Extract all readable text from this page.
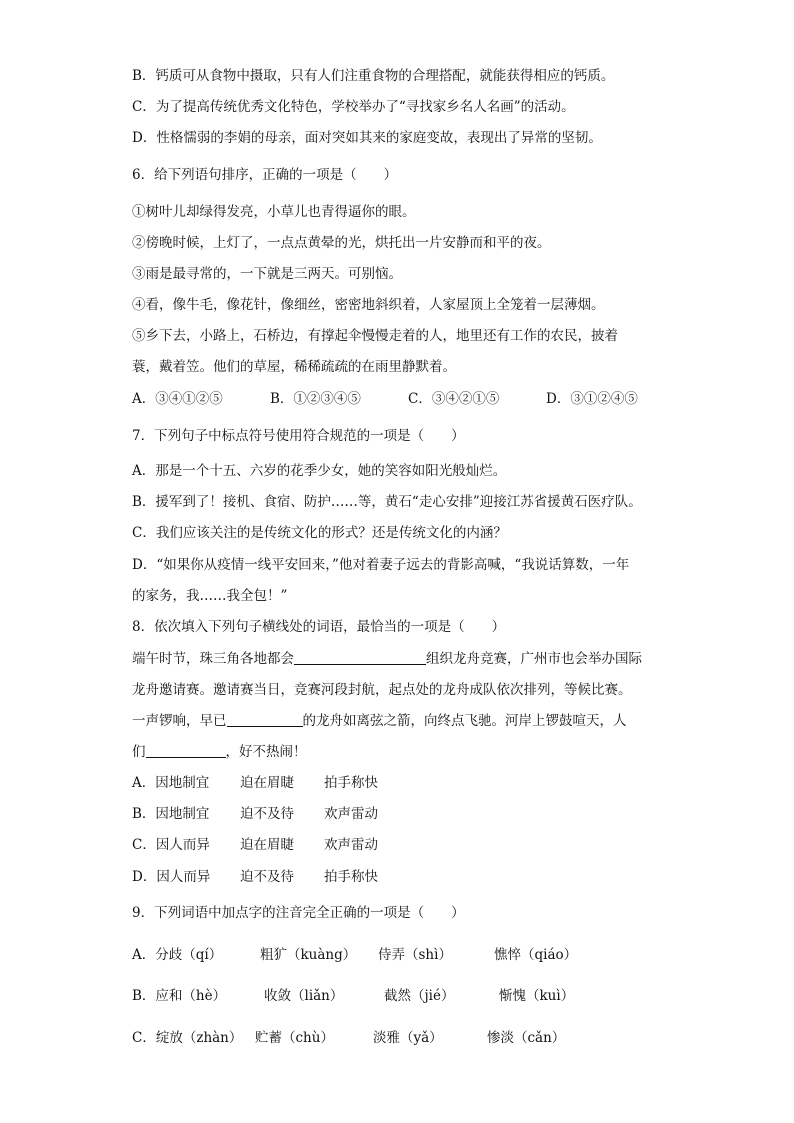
B．钙质可从食物中摄取，只有人们注重食物的合理搭配，就能获得相应的钙质。
C．为了提高传统优秀文化特色，学校举办了“寻找家乡名人名画”的活动。
D．性格懦弱的李娟的母亲，面对突如其来的家庭变故，表现出了异常的坚韧。
6．给下列语句排序，正确的一项是（　　）
①树叶儿却绿得发亮，小草儿也青得逼你的眼。
②傍晚时候，上灯了，一点点黄晕的光，烘托出一片安静而和平的夜。
③雨是最寻常的，一下就是三两天。可别恼。
④看，像牛毛，像花针，像细丝，密密地斜织着，人家屋顶上全笼着一层薄烟。
⑤乡下去，小路上，石桥边，有撑起伞慢慢走着的人，地里还有工作的农民，披着
蓑，戴着笠。他们的草屋，稀稀疏疏的在雨里静默着。
A．③④①②⑤	B．①②③④⑤	C．③④②①⑤	D．③①②④⑤
7．下列句子中标点符号使用符合规范的一项是（　　）
A．那是一个十五、六岁的花季少女，她的笑容如阳光般灿烂。
B．援军到了！接机、食宿、防护……等，黄石“走心安排”迎接江苏省援黄石医疗队。
C．我们应该关注的是传统文化的形式？还是传统文化的内涵？
D．“如果你从疫情一线平安回来，”他对着妻子远去的背影高喊，“我说话算数，一年
的家务，我……我全包！”
8．依次填入下列句子横线处的词语，最恰当的一项是（　　）
端午时节，珠三角各地都会	组织龙舟竞赛，广州市也会举办国际
龙舟邀请赛。邀请赛当日，竞赛河段封航，起点处的龙舟成队依次排列，等候比赛。
一声锣响，早已	的龙舟如离弦之箭，向终点飞驰。河岸上锣鼓喧天，人
们	，好不热闹！
A．因地制宜 迫在眉睫 拍手称快
B．因地制宜 迫不及待 欢声雷动
C．因人而异 迫在眉睫 欢声雷动
D．因人而异 迫不及待 拍手称快
9．下列词语中加点字的注音完全正确的一项是（　　）
A．分歧（qí）	粗犷（kuàng） 侍弄（shì）	憔悴（qiáo）
B．应和（hè）	收敛（liǎn）	截然（jié）	惭愧（kuì）
C．绽放（zhàn） 贮蓄（chù）	淡雅（yǎ）	惨淡（cǎn）
